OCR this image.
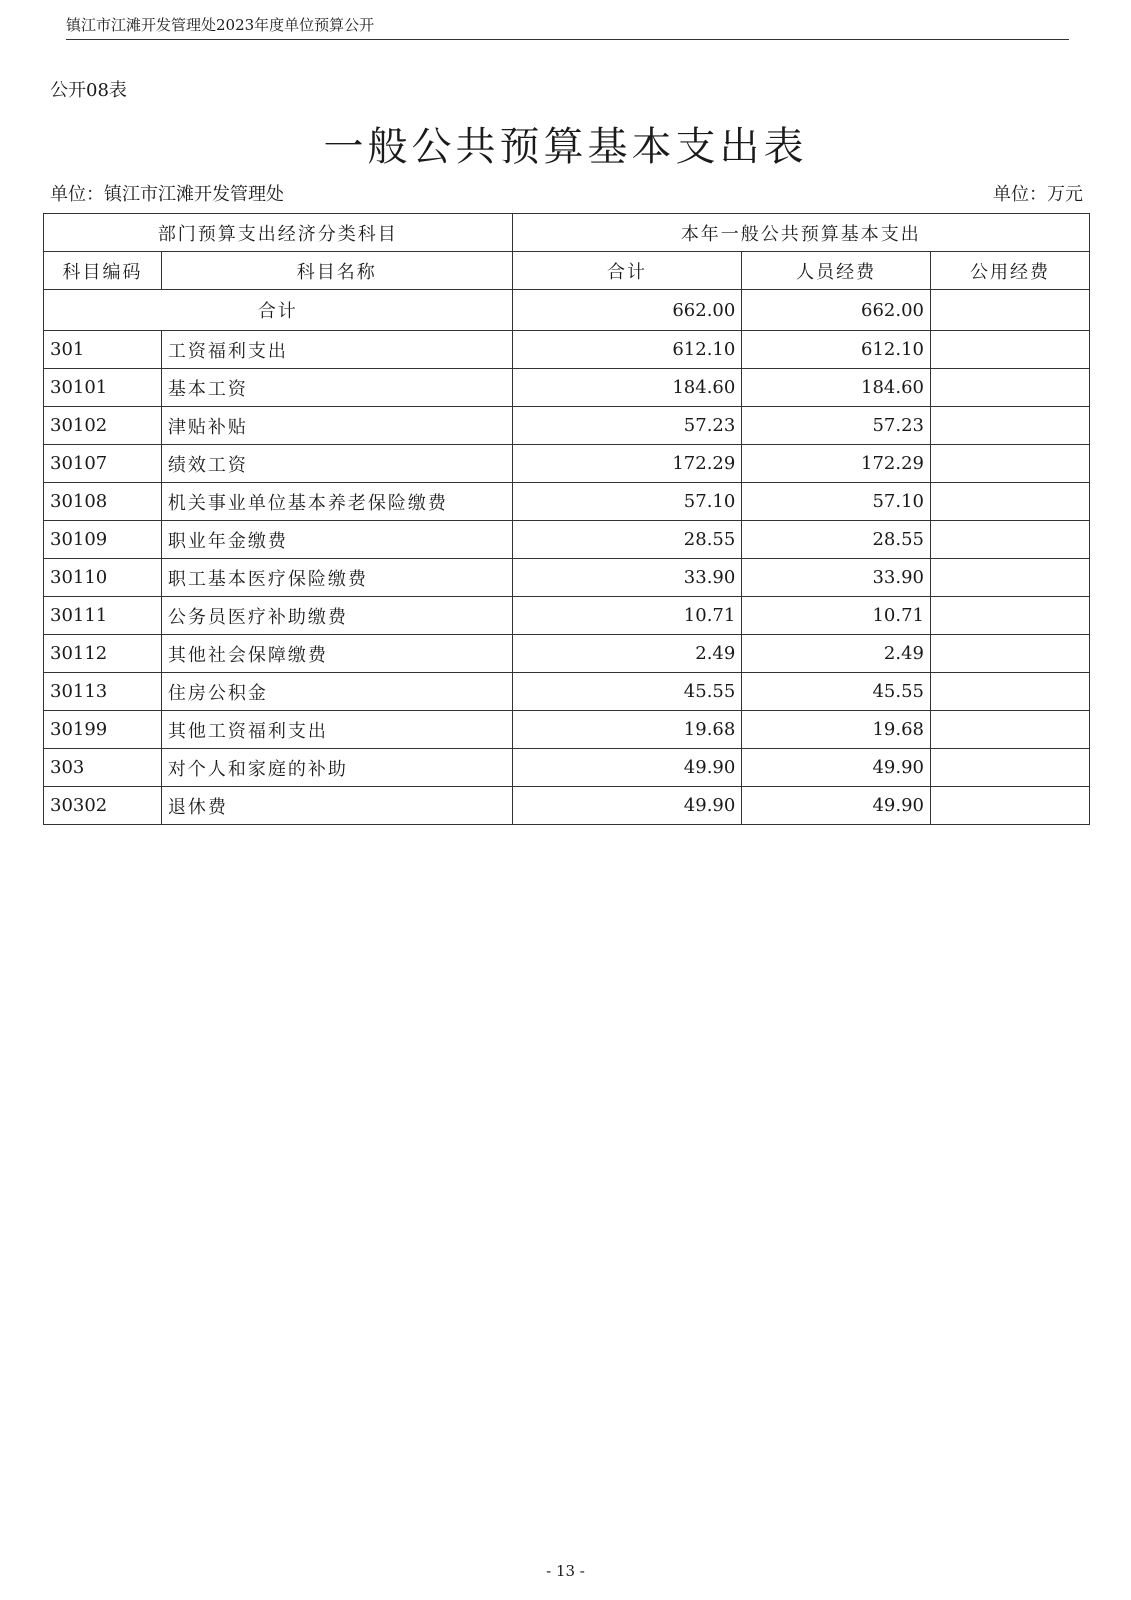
镇江市江滩开发管理处2023年度单位预算公开
公开08表
一般公共预算基本支出表
单位：镇江市江滩开发管理处	单位：万元
部门预算支出经济分类科目		本年一般公共预算基本支出		
科目编码	科目名称	合计	人员经费	公用经费
合计		662.00	662.00	
301	工资福利支出	612.10	612.10	
30101	基本工资	184.60	184.60	
30102	津贴补贴	57.23	57.23	
30107	绩效工资	172.29	172.29	
30108	机关事业单位基本养老保险缴费	57.10	57.10	
30109	职业年金缴费	28.55	28.55	
30110	职工基本医疗保险缴费	33.90	33.90	
30111	公务员医疗补助缴费	10.71	10.71	
30112	其他社会保障缴费	2.49	2.49	
30113	住房公积金	45.55	45.55	
30199	其他工资福利支出	19.68	19.68	
303	对个人和家庭的补助	49.90	49.90	
30302	退休费	49.90	49.90	
- 13 -
